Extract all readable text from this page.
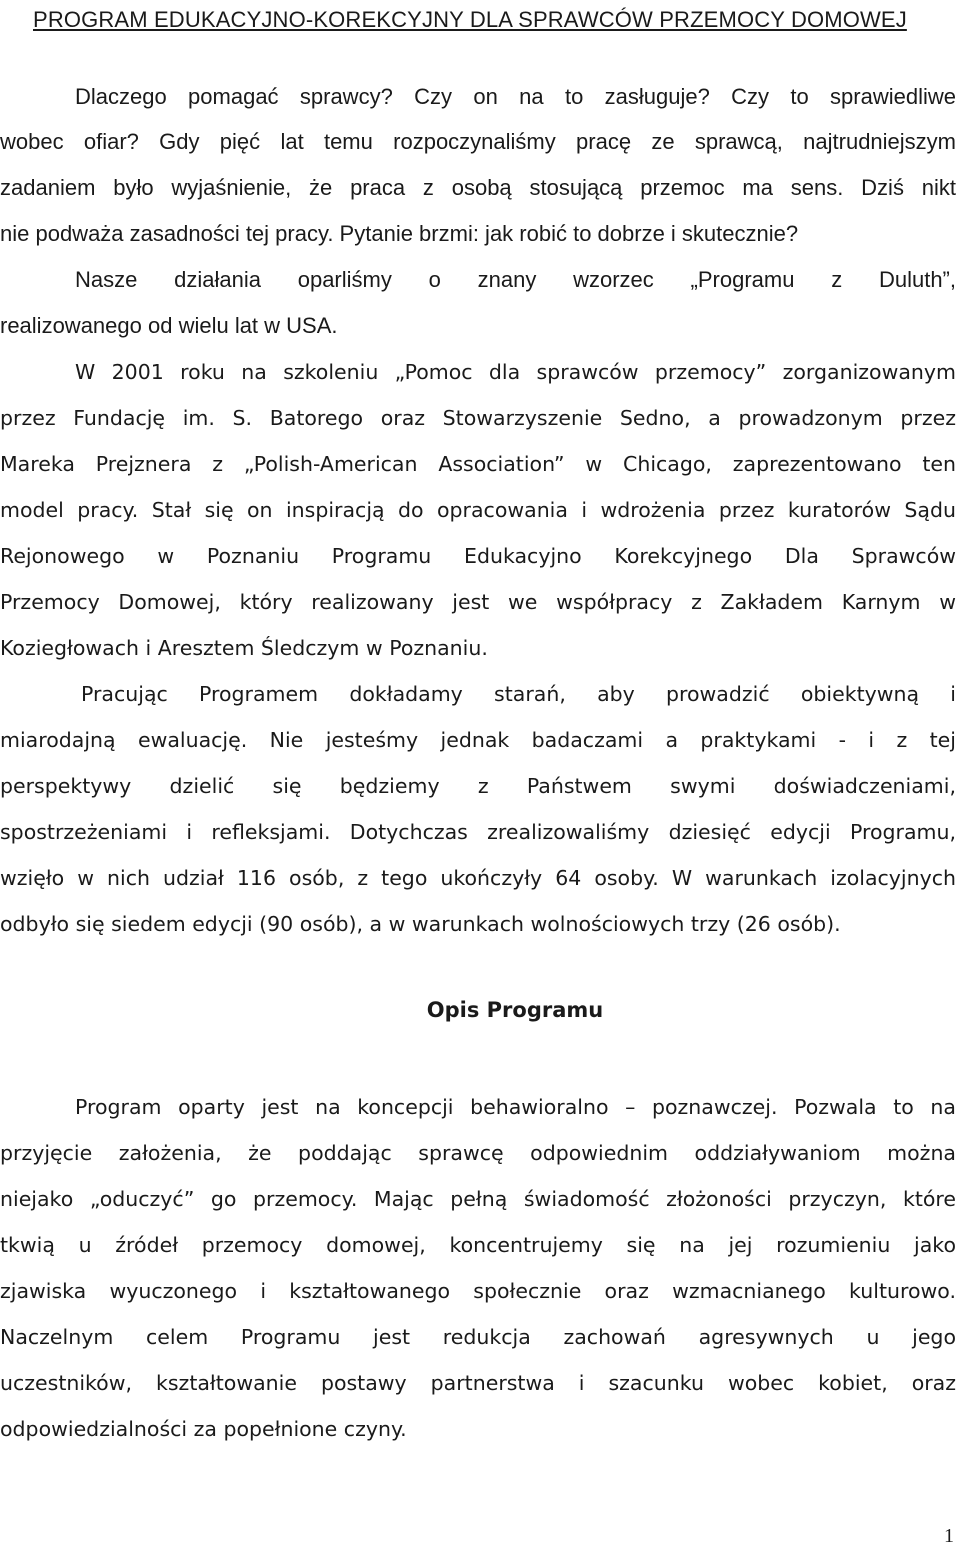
PROGRAM EDUKACYJNO-KOREKCYJNY DLA SPRAWCÓW PRZEMOCY DOMOWEJ
Dlaczego pomagać sprawcy? Czy on na to zasługuje? Czy to sprawiedliwe
wobec ofiar? Gdy pięć lat temu rozpoczynaliśmy pracę ze sprawcą, najtrudniejszym
zadaniem było wyjaśnienie, że praca z osobą stosującą przemoc ma sens. Dziś nikt
nie podważa zasadności tej pracy. Pytanie brzmi: jak robić to dobrze i skutecznie?
Nasze działania oparliśmy o znany wzorzec „Programu z Duluth”,
realizowanego od wielu lat w USA.
W 2001 roku na szkoleniu „Pomoc dla sprawców przemocy” zorganizowanym
przez Fundację im. S. Batorego oraz Stowarzyszenie Sedno, a prowadzonym przez
Mareka Prejznera z „Polish-American Association” w Chicago, zaprezentowano ten
model pracy. Stał się on inspiracją do opracowania i wdrożenia przez kuratorów Sądu
Rejonowego w Poznaniu Programu Edukacyjno Korekcyjnego Dla Sprawców
Przemocy Domowej, który realizowany jest we współpracy z Zakładem Karnym w
Koziegłowach i Aresztem Śledczym w Poznaniu.
Pracując Programem dokładamy starań, aby prowadzić obiektywną i
miarodajną ewaluację. Nie jesteśmy jednak badaczami a praktykami - i z tej
perspektywy dzielić się będziemy z Państwem swymi doświadczeniami,
spostrzeżeniami i refleksjami. Dotychczas zrealizowaliśmy dziesięć edycji Programu,
wzięło w nich udział 116 osób, z tego ukończyły 64 osoby. W warunkach izolacyjnych
odbyło się siedem edycji (90 osób), a w warunkach wolnościowych trzy (26 osób).
Opis Programu
Program oparty jest na koncepcji behawioralno – poznawczej. Pozwala to na
przyjęcie założenia, że poddając sprawcę odpowiednim oddziaływaniom można
niejako „oduczyć” go przemocy. Mając pełną świadomość złożoności przyczyn, które
tkwią u źródeł przemocy domowej, koncentrujemy się na jej rozumieniu jako
zjawiska wyuczonego i kształtowanego społecznie oraz wzmacnianego kulturowo.
Naczelnym celem Programu jest redukcja zachowań agresywnych u jego
uczestników, kształtowanie postawy partnerstwa i szacunku wobec kobiet, oraz
odpowiedzialności za popełnione czyny.
1
